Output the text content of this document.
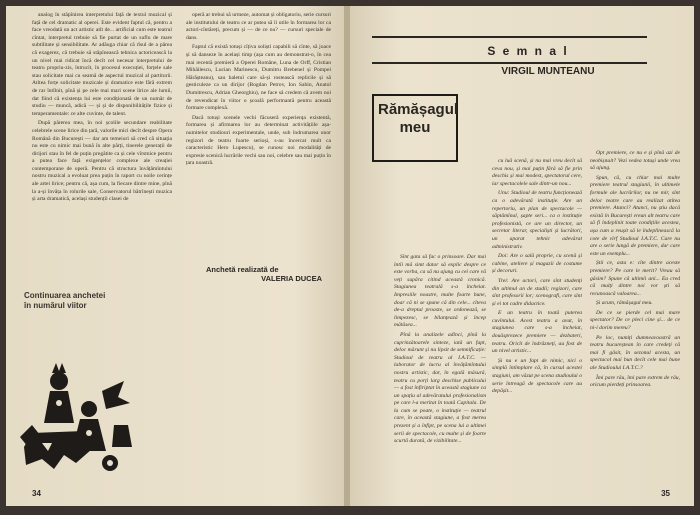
analog în stăpînirea interpretului față de textul muzical și față de cel dramatic al operei. Este evident faptul că, pentru a face vreodată un act artistic atît de... artificial cum este teatrul cîntat, interpretul trebuie să fie purtat de un suflu de mare subtilitate și sensibilitate. Ar adăuga chiar că rîsul de a părea că exagerez, că trebuie să stăpînească tehnica actoricească la un nivel mai ridicat încă decît cel necesar interpretului de teatru propriu-zis, întrucît, în procesul execuției, forțele sale stau solicitate mai cu seamă de aspectul muzical al partiturii. Atîtea forțe solicitate muzicale și dramatice este fără extrem de rar întîlnit, pînă și pe cele mai mari scene lirice ale lumii, dat fiind că existența lui este condiționată de un număr de studiu — muncă, adică — și și de disponibilitățile fizice și temperamentale: ce alte cuvinte, de talent.

După părerea mea, în noi școlile secundare reabilitate celebrele scene lirice din țară, valorile mici decît despre Opera Română din București — dar am temeiuri să cred că situația nu este cu nimic mai bună în alte părți, tinerele generații de dirijori stau în fel de puțin pregătite ca și cele vîrstnice pentru a putea face față exigențelor complexe ale creației contemporane de operă. Pentru că structura învățămîntului nostru muzical a evoluat prea puțin în raport cu noile cerințe ale artei lirice; pentru că, așa cum, la fiecare dintre mine, pînă la a-și învăța în rolurile sale, Conservatorul bătrînești muzica și arta dramatică, același studenții clasei de

operă ar trebui să urmeze, automat și obligatoriu, serie cursuri ale institutului de teatru ce ar putea să îi utile în formarea lor ca actori-cîntăreți, precum și — de ce nu? — cursuri speciale de dans.

Faptul că există totuși cîțiva soliști capabili să cînte, să joace și să danseze în același timp (așa cum au demonstrat-o, în cea mai recentă premieră a Operei Române, Luna de Orff, Cristian Mihăilescu, Lucian Marinescu, Dumitru Brebenel și Pompei Hărășteanu), sau baletul care să-și rostească replicile și să gesticuleze ca un dirijor (Bogdan Petrov, Ion Sabin, Anatol Dumitrescu, Adrian Gheorghiu), ne face să credem că avem noi de revendicat în viitor o școală performantă pentru această formare complexă.

Dacă totuși scenele vechi făcuseră experiența existentă, formarea și afirmarea lor au determinat activitățiile așa-numitelor studiouri experimentale, unde, sub îndrumarea unor regizori de teatru foarte serioși, s-au încercat mult ca caracteristic Hero Lupescu), se cunosc noi modalități de expresie scenică lucrările vechi sau noi, celebre sau mai puțin în țara noastră.

Anchetă realizată de
VALERIA DUCEA
Continuarea anchetei
în numărul viitor
34
S e m n a l
VIRGIL MUNTEANU
Rămășagul
meu

Sînt gata să fac o prinsoare. Dar mai întîi mă simt dator să explic despre ce este vorba, ca să nu ajung cu cei care vă veți supăra citind această cronică. Stagiunea teatrală s-a încheiat. Impresiile noastre, multe foarte bune, doar că ni se spune că din cele... cîteva de-a dreptul proaste, se ordonează, se limpezesc, se bilanțează și încep mătăsea...

Pînă la analizele adînci, pînă la cuprinzătoarele sinteze, iată un fapt, deloc mărunt și nu lipsit de semnificație: Studioul de teatru al I.A.T.C. — laborator de lucru al învățămîntului nostru artistic, dar, în egală măsură, teatru cu porți larg deschise publicului — a fost înfiriptat în această stagiune ca un spațiu al adevăratului profesionalism pe care l-a meritat în toată Capitala. De la cum se poate, o instituție — teatrul care, în această stagiune, a fost mereu prezent și a înfipt, pe scena lui a ultimei serii de spectacole, cu multe și de foarte scurtă durată, de vizibilitate...

cu luă scenă, și nu mai vreu decît să ceva nou, și mai puțin fără să fie prin deschis și mai modest, spectatorul cere, iar spectacolele sale dintr-un nou...

Unu: Studioul de teatru funcționează ca o adevărată instituție. Are un repertoriu, un plan de spectacole — săptămînal, șapte seri... ca o instituție profesionistă, ce are un director, un secretar literar, specialiști și lucrători, un aparat tehnic adevărat administrativ.

Doi: Are o sală proprie, cu scenă și cabine, ateliere și magazii de costume și decoruri.

Trei: Are actori, care sînt studenți din ultimul an de studii; regizori, care sînt profesorii lor; scenografi, care sînt și ei tot cadre didactice.

E un teatru în toată puterea cuvîntului. Acest teatru a avut, în stagiunea care s-a încheiat, douăsprezece premiere — dezbateri, teatru. Oricît de îndrăzneți, au fost de un nivel artistic...

Și nu e un fapt de nimic, nici o simplă întîmplare că, în cursul acestei stagiuni, am văzut pe scena studioului o serie întreagă de spectacole care au depășit...

Opt premiere, ce nu e și pînă azi de neobișnuit? Vezi vedea totuși unde vrea să ajung.

Spun, că, cu chiar mai multe premiere teatrul stagiunii, în ultimele formule ale lucrărilor, nu ne mir, sînt deloc teatre care au realizat atîtea premiere. Atunci? Atunci, nu știu dacă există în București vreun alt teatru care să fi îndeplinit toate condițiile acestea, așa cum a reușit să le îndeplinească la cote de vîrf Studioul I.A.T.C. Care nu are o serie lungă de premiere, dar care este un exemplu...

Știi ce, asta e: cîte dintre aceste premiere? Pe care le merit? Vreau să găsim? Spune că ultimii ani... Eu cred că mulți dintre noi vor ști să recunoască valoarea...

Și acum, rămășagul meu.

De ce se pierde cel mai mare spectator? De ce pleci cine și... de ce ni-i dorim mereu?

Pe loc, numiți dumneavoastră un teatru bucureștean în care credeți că mai fi găsit, în sezonul acesta, un spectacol mai bun decît cele mai bune ale Studioului I.A.T.C.?

Îmi pare rău, îmi pare extrem de rău, oricum pierdeți prinsoarea.

35
